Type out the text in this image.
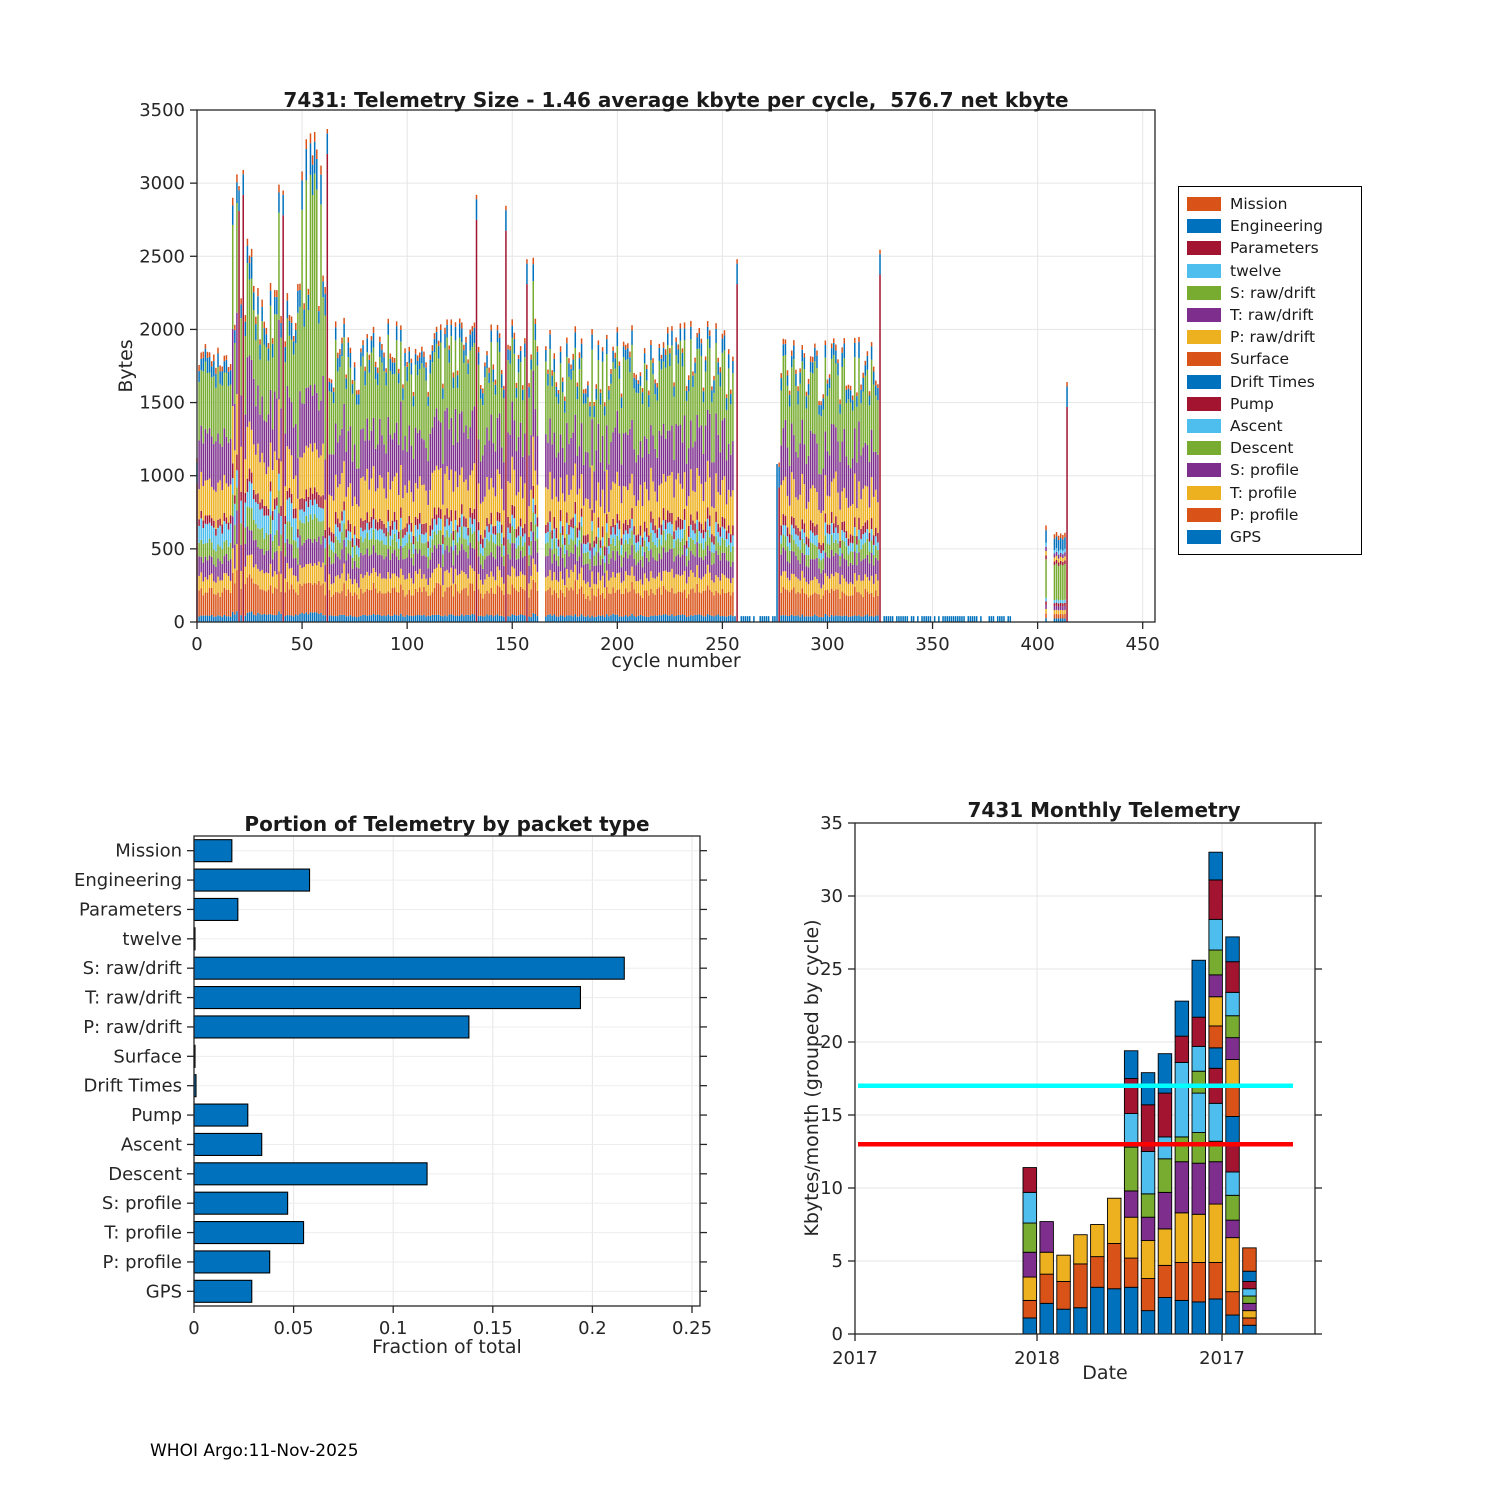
0	50	100	150	200	250	300	350	400	450
0
500
1000
1500
2000
2500
3000
3500
0	0.05	0.1	0.15	0.2	0.25
Mission
Engineering
Parameters
twelve
S: raw/drift
T: raw/drift
P: raw/drift
Surface
Drift Times
Pump
Ascent
Descent
S: profile
T: profile
P: profile
GPS
0
5
10
15
20
25
30
35
2017	2018	2017
7431: Telemetry Size - 1.46 average kbyte per cycle,  576.7 net kbyte
Bytes
cycle number
Portion of Telemetry by packet type
Fraction of total
7431 Monthly Telemetry
Kbytes/month (grouped by cycle)
Date
Mission
Engineering
Parameters
twelve
S: raw/drift
T: raw/drift
P: raw/drift
Surface
Drift Times
Pump
Ascent
Descent
S: profile
T: profile
P: profile
GPS
WHOI Argo:11-Nov-2025
